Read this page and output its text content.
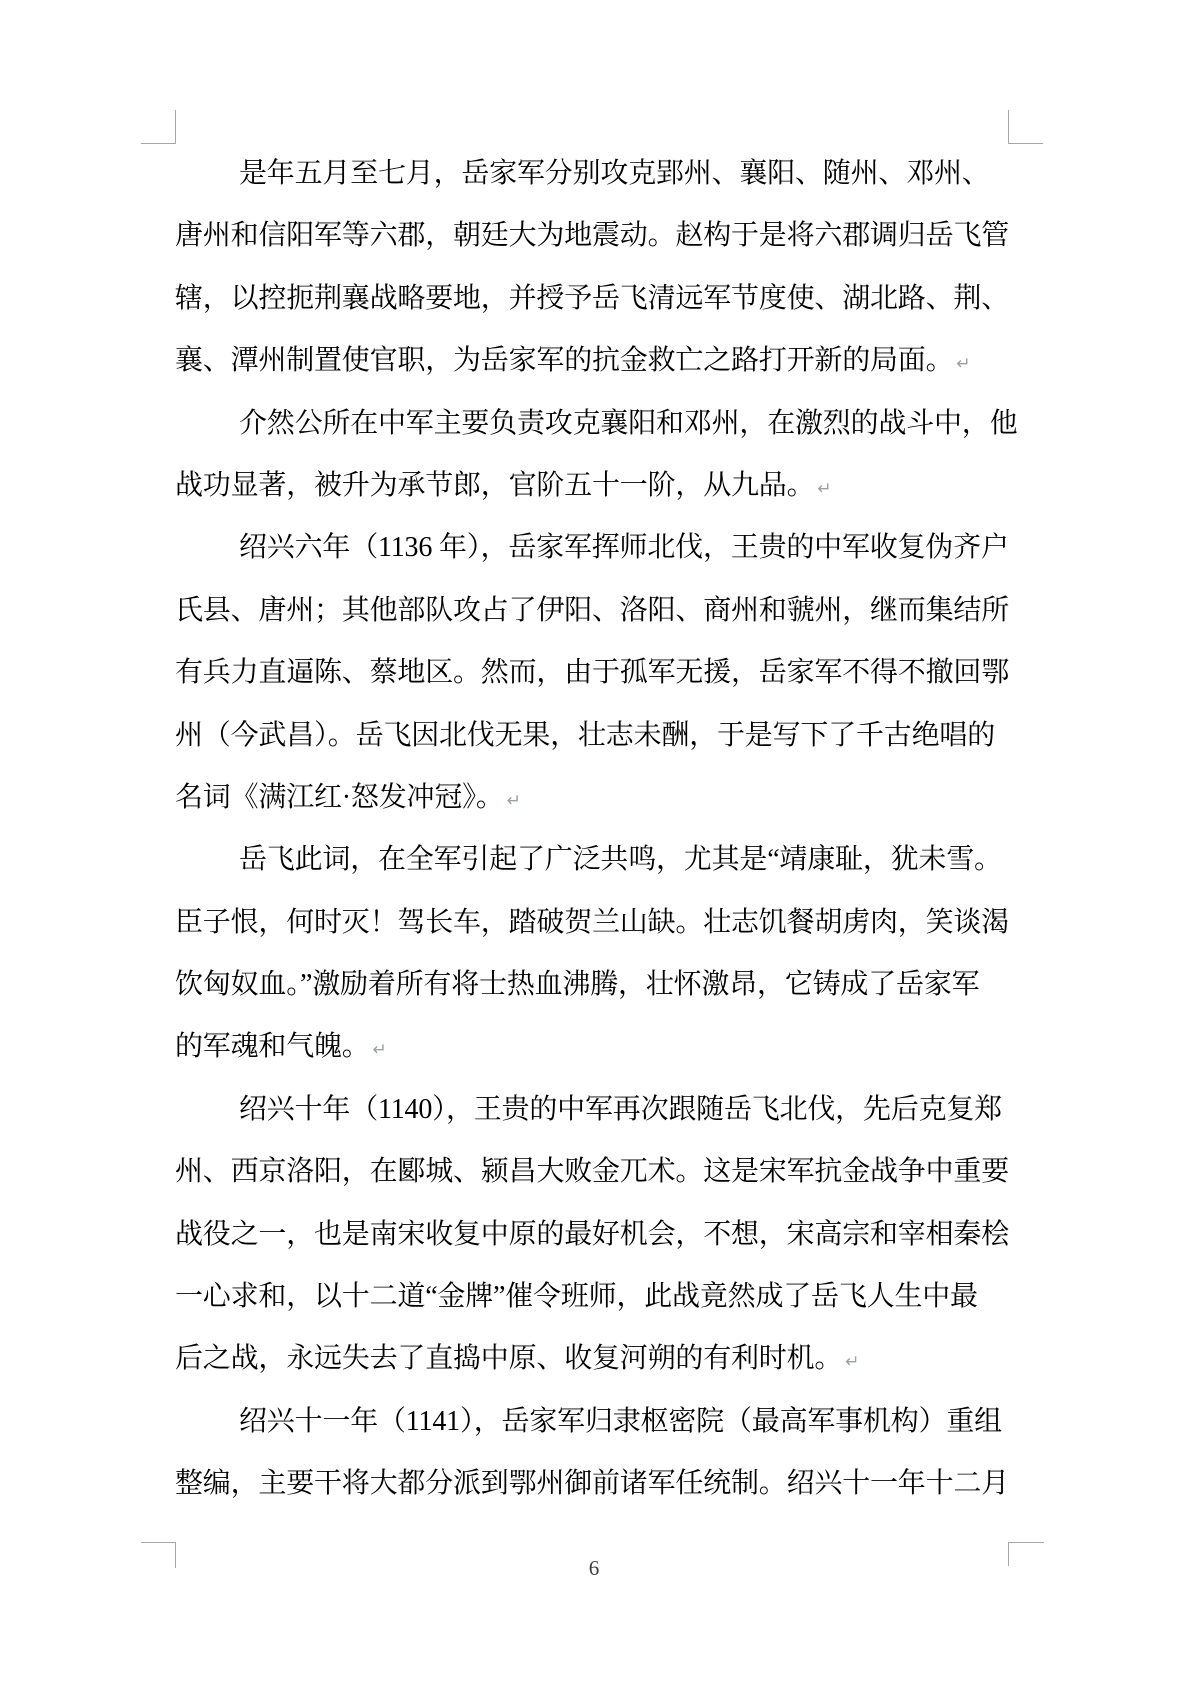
是年五月至七月，岳家军分别攻克郢州、襄阳、随州、邓州、
唐州和信阳军等六郡，朝廷大为地震动。赵构于是将六郡调归岳飞管
辖，以控扼荆襄战略要地，并授予岳飞清远军节度使、湖北路、荆、
襄、潭州制置使官职，为岳家军的抗金救亡之路打开新的局面。 ↵
介然公所在中军主要负责攻克襄阳和邓州，在激烈的战斗中，他
战功显著，被升为承节郎，官阶五十一阶，从九品。 ↵
绍兴六年（1136 年），岳家军挥师北伐，王贵的中军收复伪齐户
氏县、唐州；其他部队攻占了伊阳、洛阳、商州和虢州，继而集结所
有兵力直逼陈、蔡地区。然而，由于孤军无援，岳家军不得不撤回鄂
州（今武昌）。岳飞因北伐无果，壮志未酬，于是写下了千古绝唱的
名词《满江红·怒发冲冠》。 ↵
岳飞此词，在全军引起了广泛共鸣，尤其是“靖康耻，犹未雪。
臣子恨，何时灭！驾长车，踏破贺兰山缺。壮志饥餐胡虏肉，笑谈渴
饮匈奴血。”激励着所有将士热血沸腾，壮怀激昂，它铸成了岳家军
的军魂和气魄。 ↵
绍兴十年（1140），王贵的中军再次跟随岳飞北伐，先后克复郑
州、西京洛阳，在郾城、颍昌大败金兀术。这是宋军抗金战争中重要
战役之一，也是南宋收复中原的最好机会，不想，宋高宗和宰相秦桧
一心求和，以十二道“金牌”催令班师，此战竟然成了岳飞人生中最
后之战，永远失去了直捣中原、收复河朔的有利时机。 ↵
绍兴十一年（1141），岳家军归隶枢密院（最高军事机构）重组
整编，主要干将大都分派到鄂州御前诸军任统制。绍兴十一年十二月
6
